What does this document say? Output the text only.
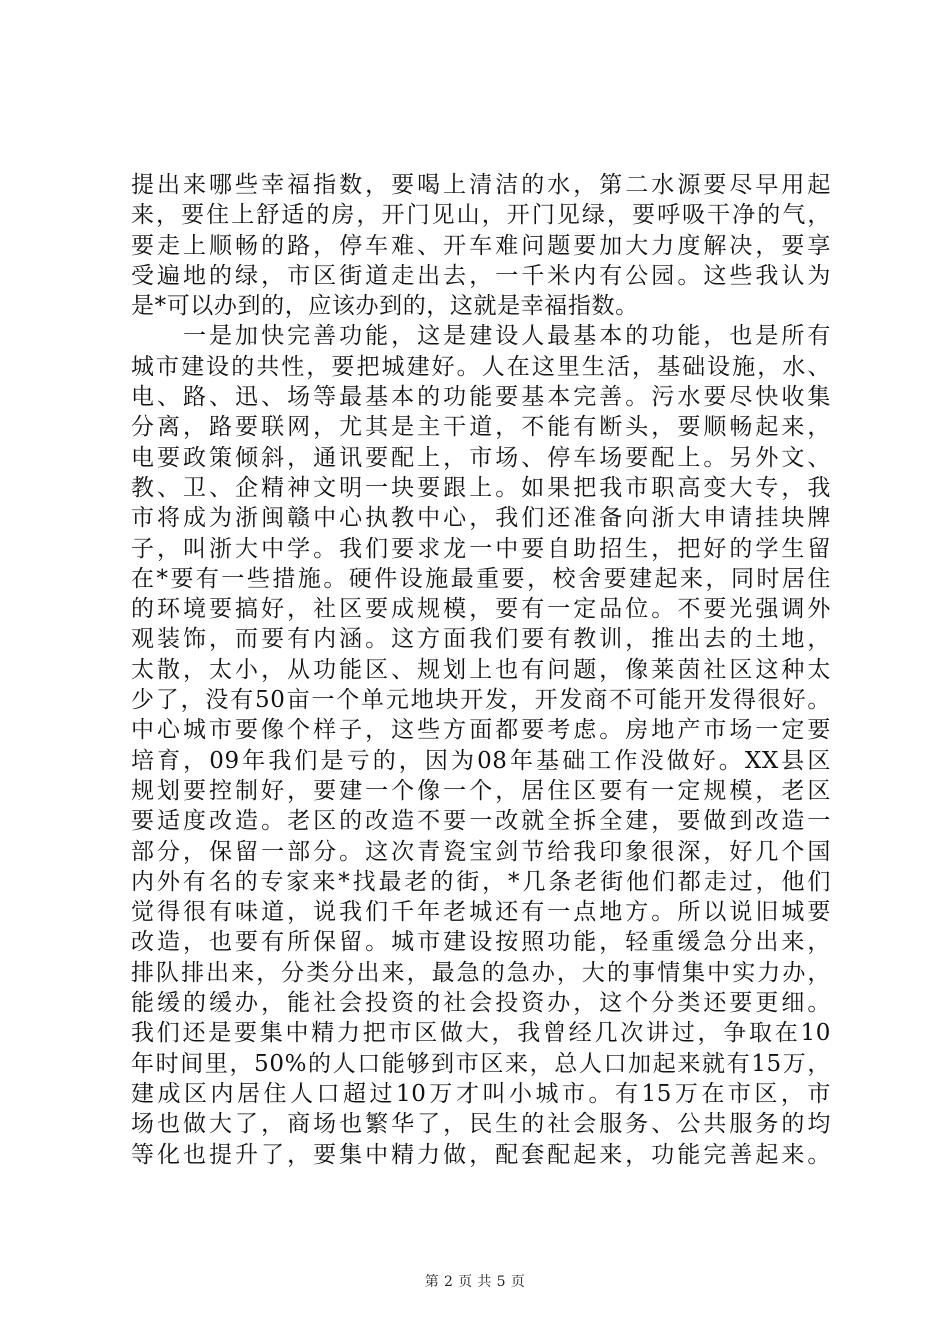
提出来哪些幸福指数，要喝上清洁的水，第二水源要尽早用起
来，要住上舒适的房，开门见山，开门见绿，要呼吸干净的气，
要走上顺畅的路，停车难、开车难问题要加大力度解决，要享
受遍地的绿，市区街道走出去，一千米内有公园。这些我认为
是*可以办到的，应该办到的，这就是幸福指数。
　　一是加快完善功能，这是建设人最基本的功能，也是所有
城市建设的共性，要把城建好。人在这里生活，基础设施，水、
电、路、迅、场等最基本的功能要基本完善。污水要尽快收集
分离，路要联网，尤其是主干道，不能有断头，要顺畅起来，
电要政策倾斜，通讯要配上，市场、停车场要配上。另外文、
教、卫、企精神文明一块要跟上。如果把我市职高变大专，我
市将成为浙闽赣中心执教中心，我们还准备向浙大申请挂块牌
子，叫浙大中学。我们要求龙一中要自助招生，把好的学生留
在*要有一些措施。硬件设施最重要，校舍要建起来，同时居住
的环境要搞好，社区要成规模，要有一定品位。不要光强调外
观装饰，而要有内涵。这方面我们要有教训，推出去的土地，
太散，太小，从功能区、规划上也有问题，像莱茵社区这种太
少了，没有50亩一个单元地块开发，开发商不可能开发得很好。
中心城市要像个样子，这些方面都要考虑。房地产市场一定要
培育，09年我们是亏的，因为08年基础工作没做好。XX县区
规划要控制好，要建一个像一个，居住区要有一定规模，老区
要适度改造。老区的改造不要一改就全拆全建，要做到改造一
部分，保留一部分。这次青瓷宝剑节给我印象很深，好几个国
内外有名的专家来*找最老的街，*几条老街他们都走过，他们
觉得很有味道，说我们千年老城还有一点地方。所以说旧城要
改造，也要有所保留。城市建设按照功能，轻重缓急分出来，
排队排出来，分类分出来，最急的急办，大的事情集中实力办，
能缓的缓办，能社会投资的社会投资办，这个分类还要更细。
我们还是要集中精力把市区做大，我曾经几次讲过，争取在10
年时间里，50%的人口能够到市区来，总人口加起来就有15万，
建成区内居住人口超过10万才叫小城市。有15万在市区，市
场也做大了，商场也繁华了，民生的社会服务、公共服务的均
等化也提升了，要集中精力做，配套配起来，功能完善起来。
第 2 页 共 5 页
